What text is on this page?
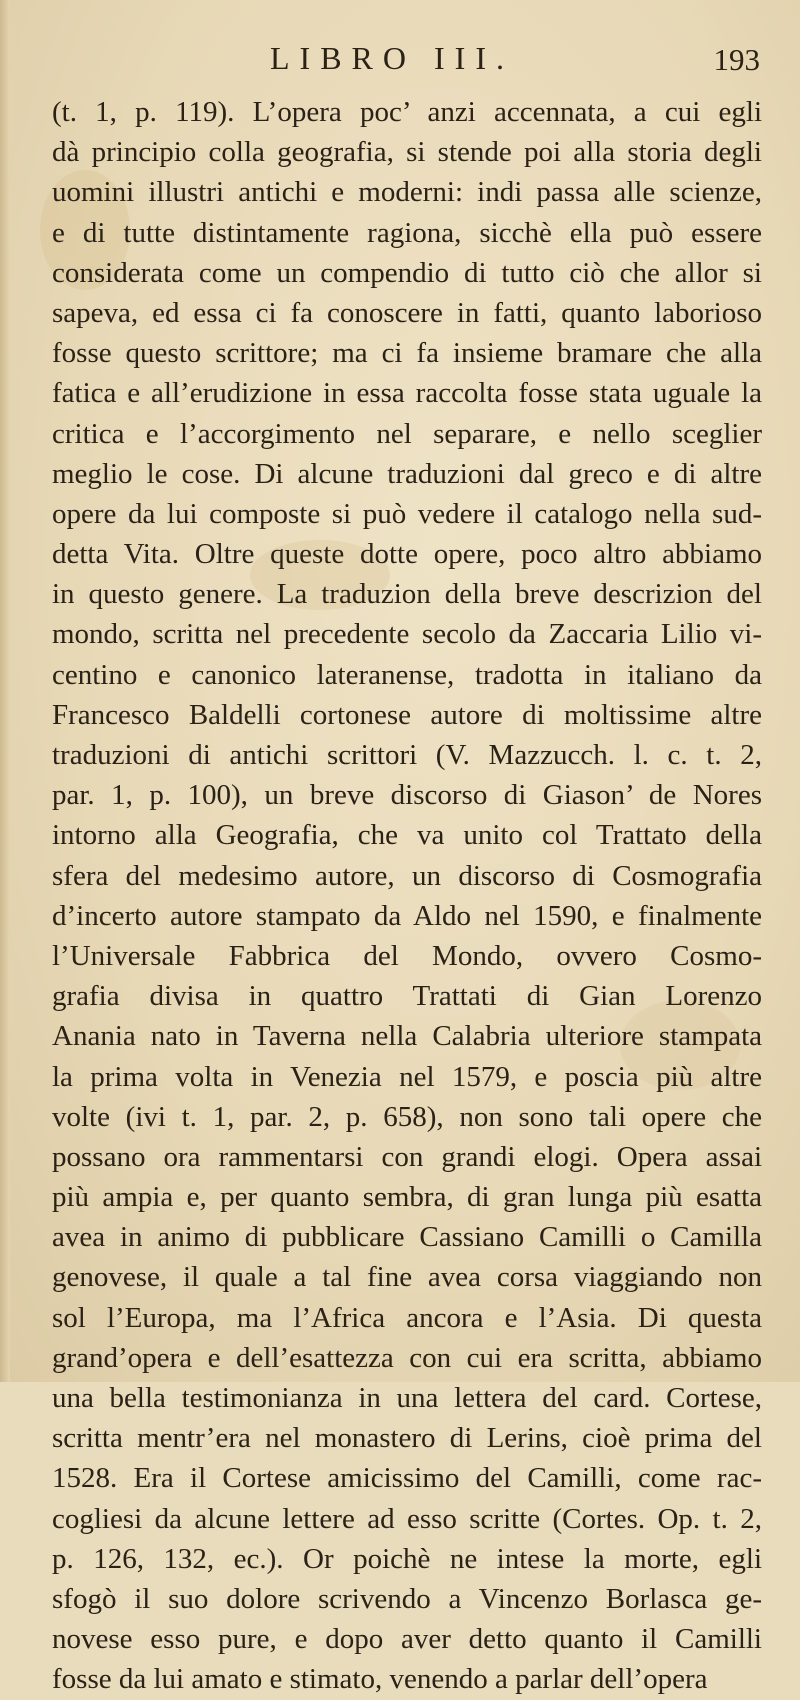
LIBRO III.	193
(t. 1, p. 119). L’opera poc’ anzi accennata, a cui egli
dà principio colla geografia, si stende poi alla storia degli
uomini illustri antichi e moderni: indi passa alle scienze,
e di tutte distintamente ragiona, sicchè ella può essere
considerata come un compendio di tutto ciò che allor si
sapeva, ed essa ci fa conoscere in fatti, quanto laborioso
fosse questo scrittore; ma ci fa insieme bramare che alla
fatica e all’erudizione in essa raccolta fosse stata uguale la
critica e l’accorgimento nel separare, e nello sceglier
meglio le cose. Di alcune traduzioni dal greco e di altre
opere da lui composte si può vedere il catalogo nella sud-
detta Vita. Oltre queste dotte opere, poco altro abbiamo
in questo genere. La traduzion della breve descrizion del
mondo, scritta nel precedente secolo da Zaccaria Lilio vi-
centino e canonico lateranense, tradotta in italiano da
Francesco Baldelli cortonese autore di moltissime altre
traduzioni di antichi scrittori (V. Mazzucch. l. c. t. 2,
par. 1, p. 100), un breve discorso di Giason’ de Nores
intorno alla Geografia, che va unito col Trattato della
sfera del medesimo autore, un discorso di Cosmografia
d’incerto autore stampato da Aldo nel 1590, e finalmente
l’Universale Fabbrica del Mondo, ovvero Cosmo-
grafia divisa in quattro Trattati di Gian Lorenzo
Anania nato in Taverna nella Calabria ulteriore stampata
la prima volta in Venezia nel 1579, e poscia più altre
volte (ivi t. 1, par. 2, p. 658), non sono tali opere che
possano ora rammentarsi con grandi elogi. Opera assai
più ampia e, per quanto sembra, di gran lunga più esatta
avea in animo di pubblicare Cassiano Camilli o Camilla
genovese, il quale a tal fine avea corsa viaggiando non
sol l’Europa, ma l’Africa ancora e l’Asia. Di questa
grand’opera e dell’esattezza con cui era scritta, abbiamo
una bella testimonianza in una lettera del card. Cortese,
scritta mentr’era nel monastero di Lerins, cioè prima del
1528. Era il Cortese amicissimo del Camilli, come rac-
cogliesi da alcune lettere ad esso scritte (Cortes. Op. t. 2,
p. 126, 132, ec.). Or poichè ne intese la morte, egli
sfogò il suo dolore scrivendo a Vincenzo Borlasca ge-
novese esso pure, e dopo aver detto quanto il Camilli
fosse da lui amato e stimato, venendo a parlar dell’opera
